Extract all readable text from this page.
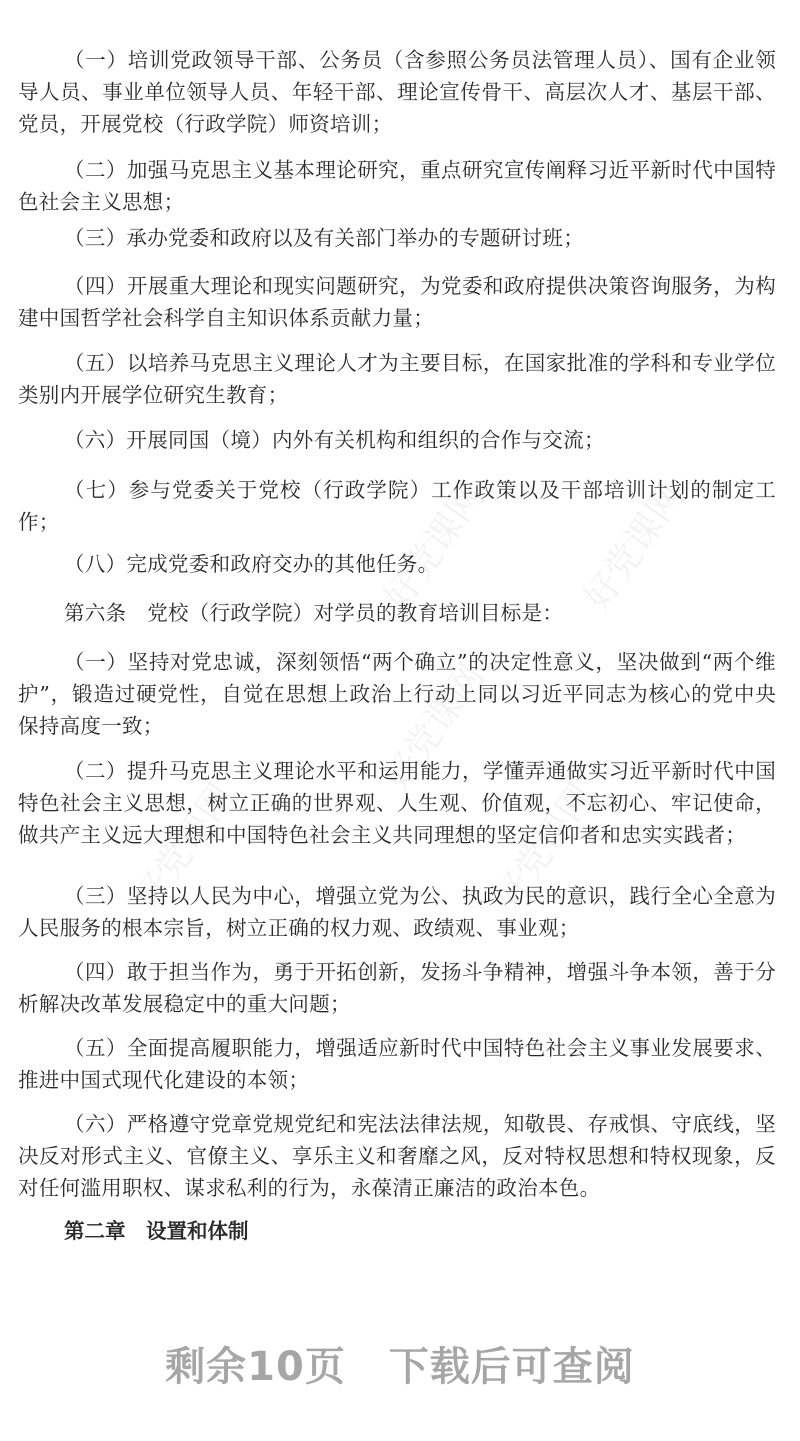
好党课网 好党课网
好党课网
好党课网	好党课网

（一）培训党政领导干部、公务员（含参照公务员法管理人员）、国有企业领导人员、事业单位领导人员、年轻干部、理论宣传骨干、高层次人才、基层干部、党员，开展党校（行政学院）师资培训；

（二）加强马克思主义基本理论研究，重点研究宣传阐释习近平新时代中国特色社会主义思想；

（三）承办党委和政府以及有关部门举办的专题研讨班；

（四）开展重大理论和现实问题研究，为党委和政府提供决策咨询服务，为构建中国哲学社会科学自主知识体系贡献力量；

（五）以培养马克思主义理论人才为主要目标，在国家批准的学科和专业学位类别内开展学位研究生教育；

（六）开展同国（境）内外有关机构和组织的合作与交流；

（七）参与党委关于党校（行政学院）工作政策以及干部培训计划的制定工作；

（八）完成党委和政府交办的其他任务。

第六条　党校（行政学院）对学员的教育培训目标是：

（一）坚持对党忠诚，深刻领悟“两个确立”的决定性意义，坚决做到“两个维护”，锻造过硬党性，自觉在思想上政治上行动上同以习近平同志为核心的党中央保持高度一致；

（二）提升马克思主义理论水平和运用能力，学懂弄通做实习近平新时代中国特色社会主义思想，树立正确的世界观、人生观、价值观，不忘初心、牢记使命，做共产主义远大理想和中国特色社会主义共同理想的坚定信仰者和忠实实践者；

（三）坚持以人民为中心，增强立党为公、执政为民的意识，践行全心全意为人民服务的根本宗旨，树立正确的权力观、政绩观、事业观；

（四）敢于担当作为，勇于开拓创新，发扬斗争精神，增强斗争本领，善于分析解决改革发展稳定中的重大问题；

（五）全面提高履职能力，增强适应新时代中国特色社会主义事业发展要求、推进中国式现代化建设的本领；

（六）严格遵守党章党规党纪和宪法法律法规，知敬畏、存戒惧、守底线，坚决反对形式主义、官僚主义、享乐主义和奢靡之风，反对特权思想和特权现象，反对任何滥用职权、谋求私利的行为，永葆清正廉洁的政治本色。

第二章　设置和体制
剩余10页 下载后可查阅
